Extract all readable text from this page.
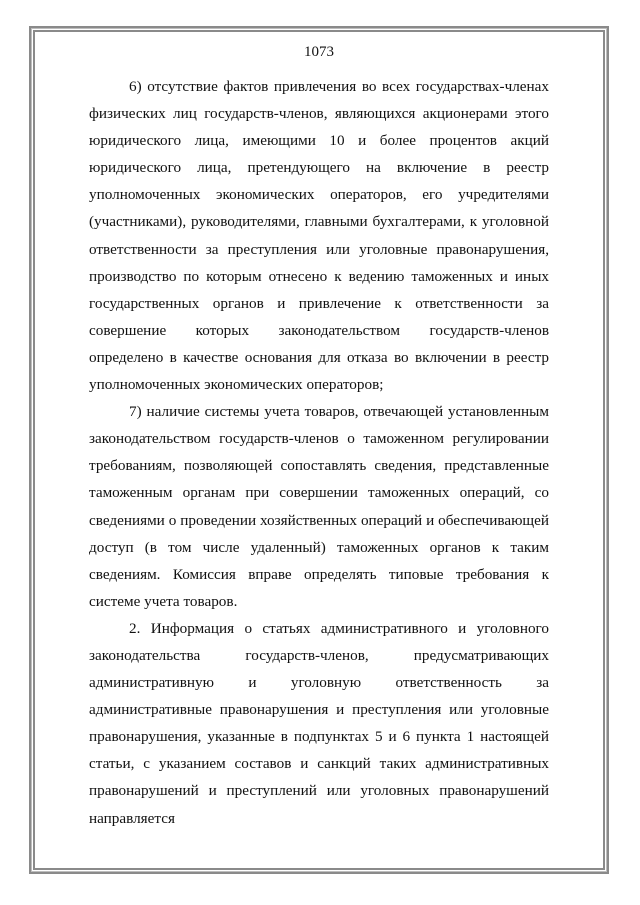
1073

6) отсутствие фактов привлечения во всех государствах-членах физических лиц государств-членов, являющихся акционерами этого юридического лица, имеющими 10 и более процентов акций юридического лица, претендующего на включение в реестр уполномоченных экономических операторов, его учредителями (участниками), руководителями, главными бухгалтерами, к уголовной ответственности за преступления или уголовные правонарушения, производство по которым отнесено к ведению таможенных и иных государственных органов и привлечение к ответственности за совершение которых законодательством государств-членов определено в качестве основания для отказа во включении в реестр уполномоченных экономических операторов;

7) наличие системы учета товаров, отвечающей установленным законодательством государств-членов о таможенном регулировании требованиям, позволяющей сопоставлять сведения, представленные таможенным органам при совершении таможенных операций, со сведениями о проведении хозяйственных операций и обеспечивающей доступ (в том числе удаленный) таможенных органов к таким сведениям. Комиссия вправе определять типовые требования к системе учета товаров.

2. Информация о статьях административного и уголовного законодательства государств-членов, предусматривающих административную и уголовную ответственность за административные правонарушения и преступления или уголовные правонарушения, указанные в подпунктах 5 и 6 пункта 1 настоящей статьи, с указанием составов и санкций таких административных правонарушений и преступлений или уголовных правонарушений направляется
